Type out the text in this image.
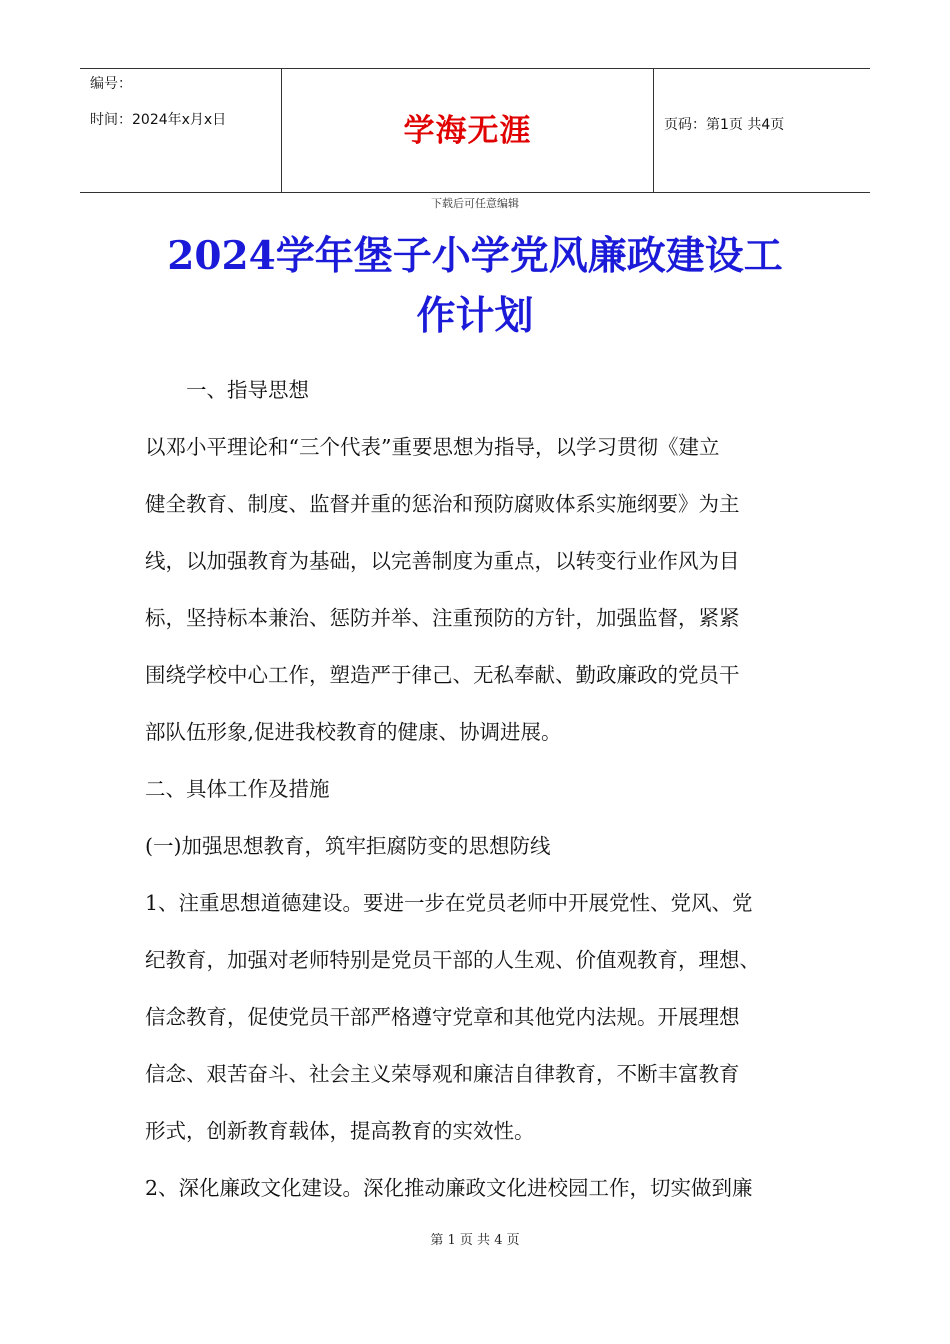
编号：
时间：2024年x月x日	学海无涯	页码：第1页 共4页
下载后可任意编辑
2024学年堡子小学党风廉政建设工
作计划
　　一、指导思想
以邓小平理论和“三个代表”重要思想为指导，以学习贯彻《建立
健全教育、制度、监督并重的惩治和预防腐败体系实施纲要》为主
线，以加强教育为基础，以完善制度为重点，以转变行业作风为目
标，坚持标本兼治、惩防并举、注重预防的方针，加强监督，紧紧
围绕学校中心工作，塑造严于律己、无私奉献、勤政廉政的党员干
部队伍形象,促进我校教育的健康、协调进展。
二、具体工作及措施
(一)加强思想教育，筑牢拒腐防变的思想防线
1、注重思想道德建设。要进一步在党员老师中开展党性、党风、党
纪教育，加强对老师特别是党员干部的人生观、价值观教育，理想、
信念教育，促使党员干部严格遵守党章和其他党内法规。开展理想
信念、艰苦奋斗、社会主义荣辱观和廉洁自律教育，不断丰富教育
形式，创新教育载体，提高教育的实效性。
2、深化廉政文化建设。深化推动廉政文化进校园工作，切实做到廉
第 1 页 共 4 页
